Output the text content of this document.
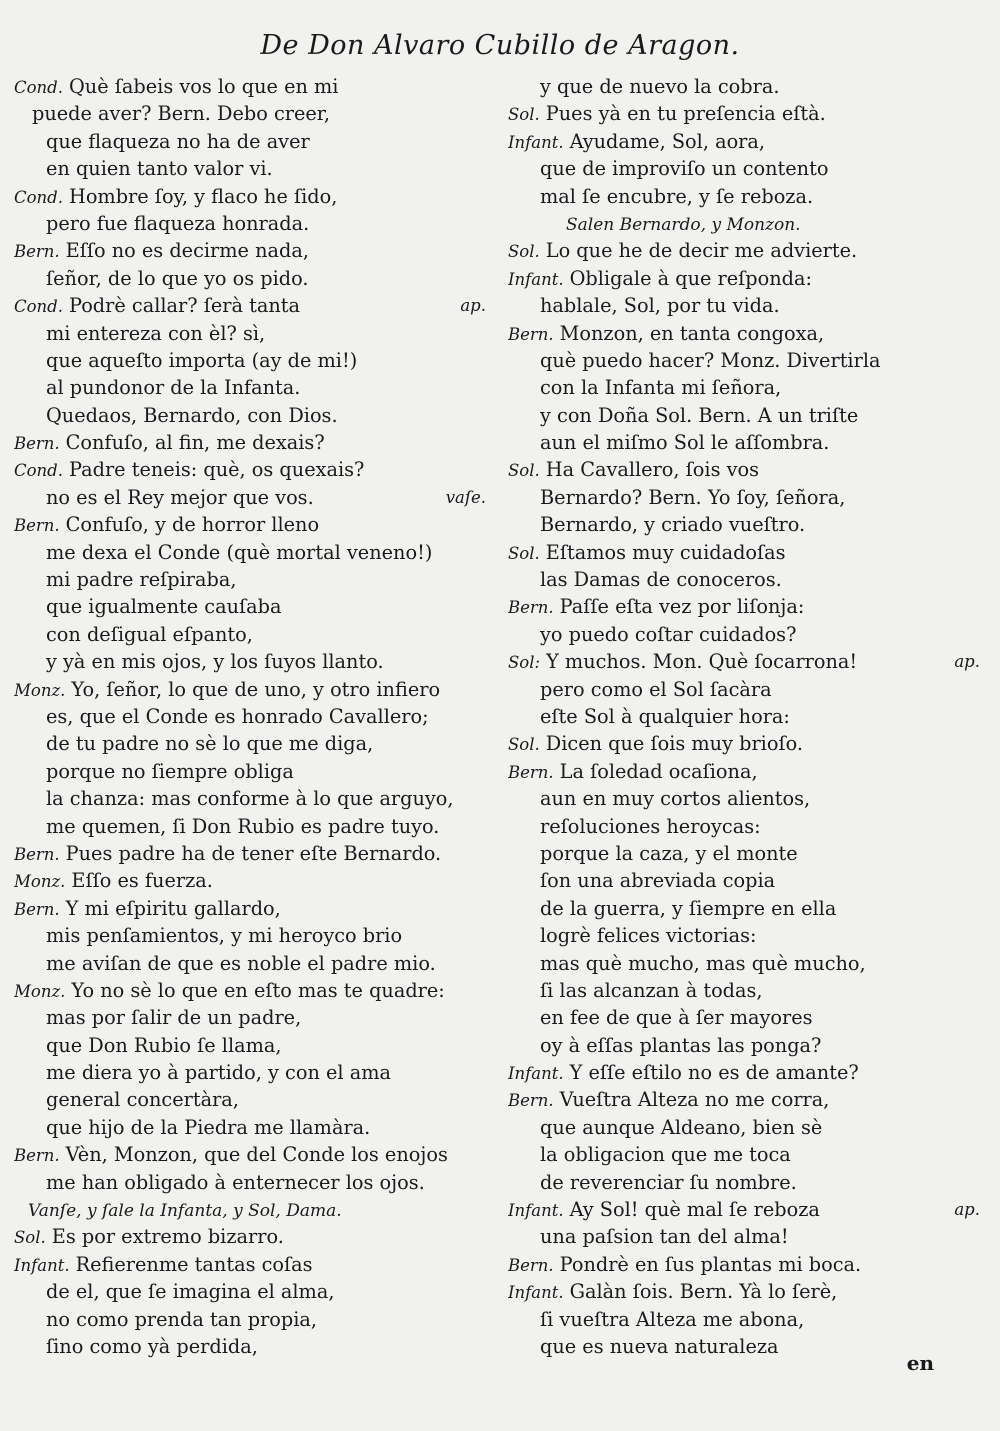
De Don Alvaro Cubillo de Aragon.
Cond. Què ſabeis vos lo que en mi
puede aver? Bern. Debo creer,
que flaqueza no ha de aver
en quien tanto valor vi.
Cond. Hombre ſoy, y flaco he ſido,
pero fue flaqueza honrada.
Bern. Eſſo no es decirme nada,
ſeñor, de lo que yo os pido.
Cond. Podrè callar? ſerà tanta	ap.
mi entereza con èl? sì,
que aqueſto importa (ay de mi!)
al pundonor de la Infanta.
Quedaos, Bernardo, con Dios.
Bern. Confuſo, al fin, me dexais?
Cond. Padre teneis: què, os quexais?
no es el Rey mejor que vos.	vaſe.
Bern. Confuſo, y de horror lleno
me dexa el Conde (què mortal veneno!)
mi padre reſpiraba,
que igualmente cauſaba
con deſigual eſpanto,
y yà en mis ojos, y los ſuyos llanto.
Monz. Yo, ſeñor, lo que de uno, y otro infiero
es, que el Conde es honrado Cavallero;
de tu padre no sè lo que me diga,
porque no ſiempre obliga
la chanza: mas conforme à lo que arguyo,
me quemen, ſi Don Rubio es padre tuyo.
Bern. Pues padre ha de tener eſte Bernardo.
Monz. Eſſo es fuerza.
Bern. Y mi eſpiritu gallardo,
mis penſamientos, y mi heroyco brio
me aviſan de que es noble el padre mio.
Monz. Yo no sè lo que en eſto mas te quadre:
mas por ſalir de un padre,
que Don Rubio ſe llama,
me diera yo à partido, y con el ama
general concertàra,
que hijo de la Piedra me llamàra.
Bern. Vèn, Monzon, que del Conde los enojos
me han obligado à enternecer los ojos.
Vanſe, y ſale la Infanta, y Sol, Dama.
Sol. Es por extremo bizarro.
Infant. Refierenme tantas coſas
de el, que ſe imagina el alma,
no como prenda tan propia,
ſino como yà perdida,
y que de nuevo la cobra.
Sol. Pues yà en tu preſencia eſtà.
Infant. Ayudame, Sol, aora,
que de improviſo un contento
mal ſe encubre, y ſe reboza.
Salen Bernardo, y Monzon.
Sol. Lo que he de decir me advierte.
Infant. Obligale à que reſponda:
hablale, Sol, por tu vida.
Bern. Monzon, en tanta congoxa,
què puedo hacer? Monz. Divertirla
con la Infanta mi ſeñora,
y con Doña Sol. Bern. A un triſte
aun el miſmo Sol le aſſombra.
Sol. Ha Cavallero, ſois vos
Bernardo? Bern. Yo ſoy, ſeñora,
Bernardo, y criado vueſtro.
Sol. Eſtamos muy cuidadoſas
las Damas de conoceros.
Bern. Paſſe eſta vez por liſonja:
yo puedo coſtar cuidados?
Sol: Y muchos. Mon. Què ſocarrona!	ap.
pero como el Sol ſacàra
eſte Sol à qualquier hora:
Sol. Dicen que ſois muy brioſo.
Bern. La ſoledad ocaſiona,
aun en muy cortos alientos,
reſoluciones heroycas:
porque la caza, y el monte
ſon una abreviada copia
de la guerra, y ſiempre en ella
logrè felices victorias:
mas què mucho, mas què mucho,
ſi las alcanzan à todas,
en fee de que à ſer mayores
oy à eſſas plantas las ponga?
Infant. Y eſſe eſtilo no es de amante?
Bern. Vueſtra Alteza no me corra,
que aunque Aldeano, bien sè
la obligacion que me toca
de reverenciar ſu nombre.
Infant. Ay Sol! què mal ſe reboza	ap.
una paſsion tan del alma!
Bern. Pondrè en ſus plantas mi boca.
Infant. Galàn ſois. Bern. Yà lo ſerè,
ſi vueſtra Alteza me abona,
que es nueva naturaleza
en
